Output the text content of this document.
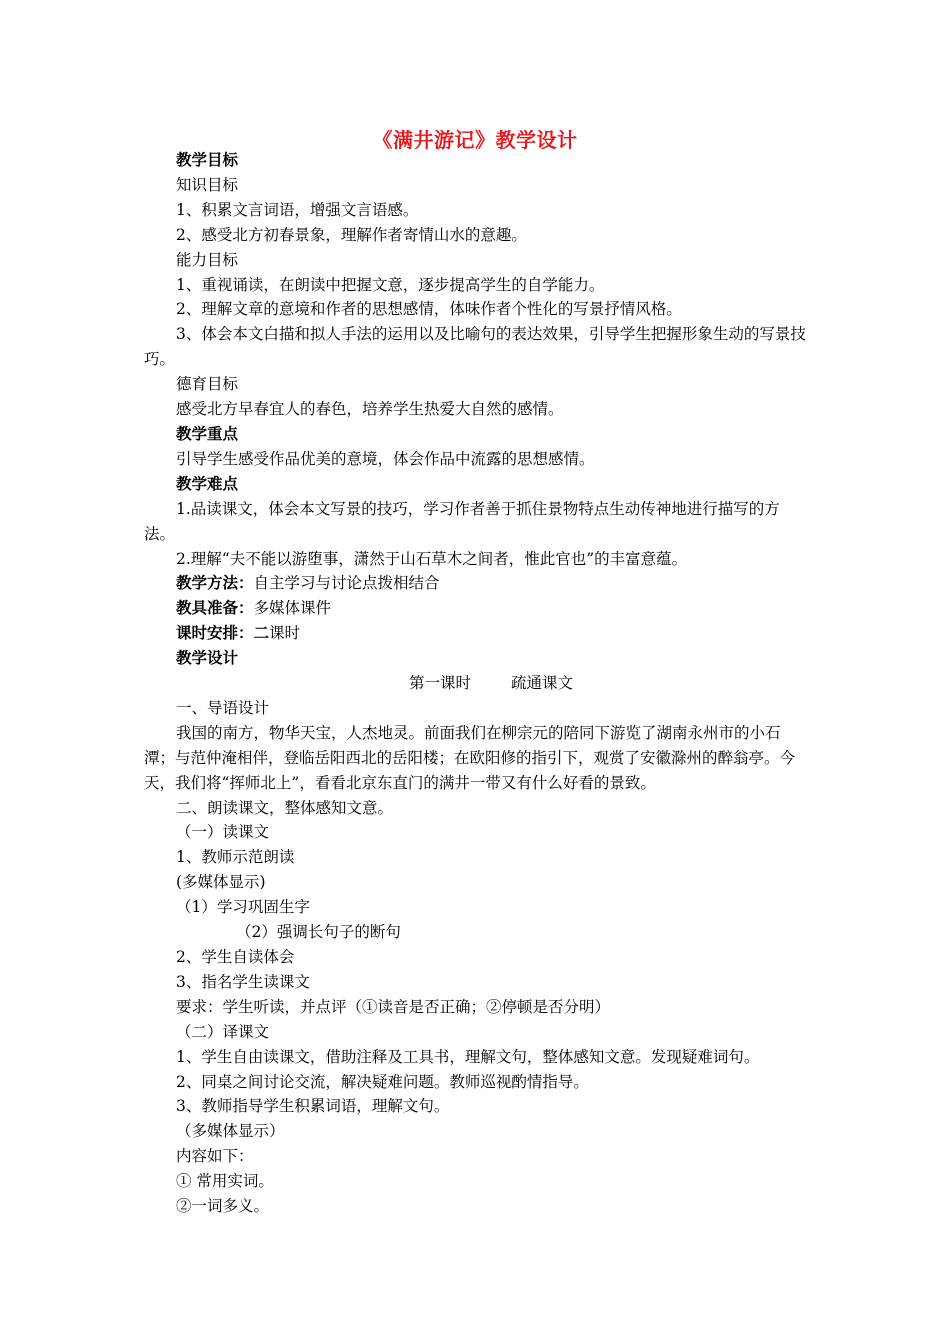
《满井游记》教学设计

教学目标

知识目标

1、积累文言词语，增强文言语感。

2、感受北方初春景象，理解作者寄情山水的意趣。

能力目标

1、重视诵读，在朗读中把握文意，逐步提高学生的自学能力。

2、理解文章的意境和作者的思想感情，体味作者个性化的写景抒情风格。

3、体会本文白描和拟人手法的运用以及比喻句的表达效果，引导学生把握形象生动的写景技巧。

德育目标

感受北方早春宜人的春色，培养学生热爱大自然的感情。

教学重点

引导学生感受作品优美的意境，体会作品中流露的思想感情。

教学难点

1.品读课文，体会本文写景的技巧，学习作者善于抓住景物特点生动传神地进行描写的方法。

2.理解“夫不能以游堕事，潇然于山石草木之间者，惟此官也”的丰富意蕴。

教学方法：自主学习与讨论点拨相结合

教具准备：多媒体课件

课时安排：二课时

教学设计

第一课时	疏通课文

一、导语设计

我国的南方，物华天宝，人杰地灵。前面我们在柳宗元的陪同下游览了湖南永州市的小石潭；与范仲淹相伴，登临岳阳西北的岳阳楼；在欧阳修的指引下，观赏了安徽滁州的醉翁亭。今天，我们将“挥师北上”，看看北京东直门的满井一带又有什么好看的景致。

二、朗读课文，整体感知文意。

（一）读课文

1、教师示范朗读

(多媒体显示)

（1）学习巩固生字

（2）强调长句子的断句

2、学生自读体会

3、指名学生读课文

要求：学生听读，并点评（①读音是否正确；②停顿是否分明）

（二）译课文

1、学生自由读课文，借助注释及工具书，理解文句，整体感知文意。发现疑难词句。

2、同桌之间讨论交流，解决疑难问题。教师巡视酌情指导。

3、教师指导学生积累词语，理解文句。

（多媒体显示）

内容如下：

① 常用实词。

②一词多义。
